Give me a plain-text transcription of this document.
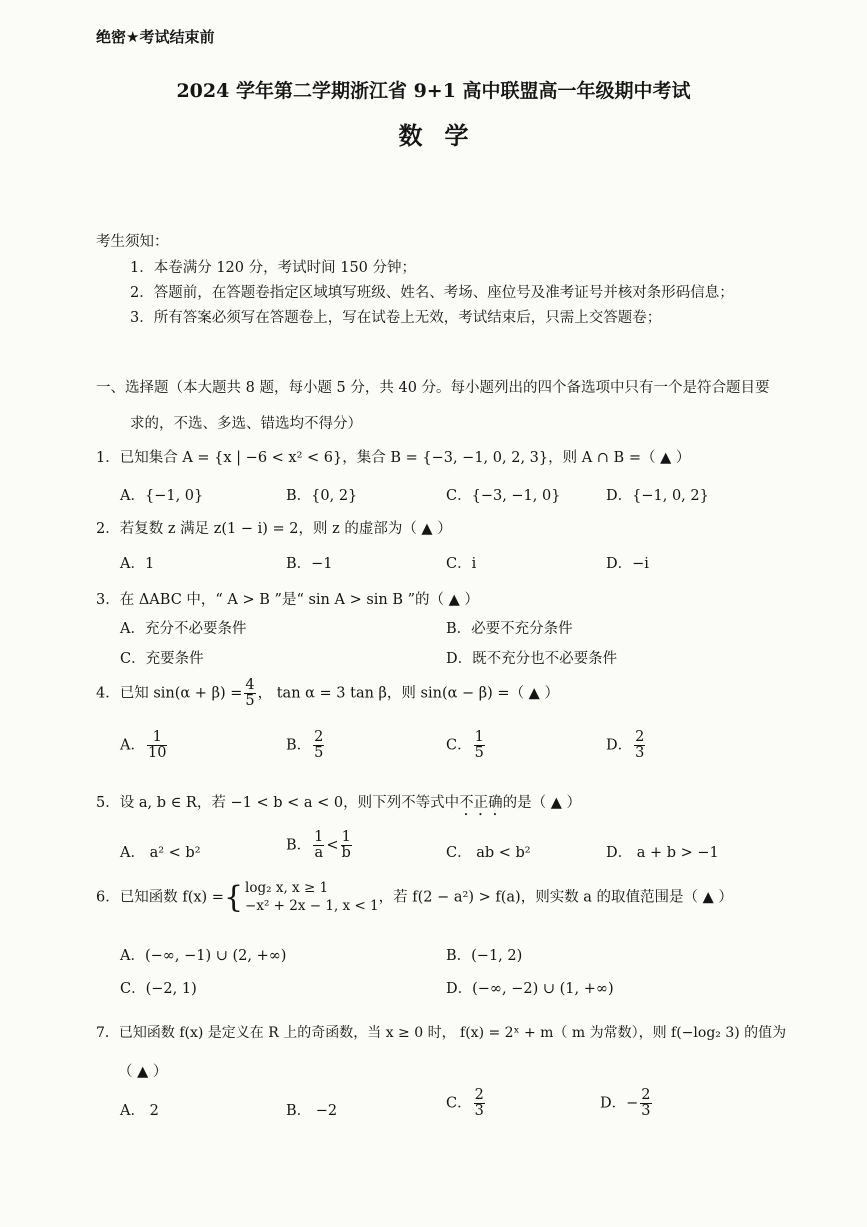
绝密★考试结束前
2024 学年第二学期浙江省 9+1 高中联盟高一年级期中考试
数学
考生须知：
1．本卷满分 120 分，考试时间 150 分钟；
2．答题前，在答题卷指定区域填写班级、姓名、考场、座位号及准考证号并核对条形码信息；
3．所有答案必须写在答题卷上，写在试卷上无效，考试结束后，只需上交答题卷；
一、选择题（本大题共 8 题，每小题 5 分，共 40 分。每小题列出的四个备选项中只有一个是符合题目要
求的，不选、多选、错选均不得分）
1．已知集合 A = {x | −6 < x² < 6}，集合 B = {−3, −1, 0, 2, 3}，则 A ∩ B =（ ▲ ）
A．{−1, 0}	B．{0, 2}	C．{−3, −1, 0}	D．{−1, 0, 2}
2．若复数 z 满足 z(1 − i) = 2，则 z 的虚部为（ ▲ ）
A．1	B．−1	C．i	D．−i
3．在 ΔABC 中，“ A > B ”是“ sin A > sin B ”的（ ▲ ）
A．充分不必要条件	B．必要不充分条件
C．充要条件	D．既不充分也不必要条件
4．已知 $\sin(\alpha + \beta) = \frac{4}{5}$ ， tan α = 3 tan β，则 sin(α − β) =（ ▲ ）
A． $\frac{1}{10}$	B． $\frac{2}{5}$	C． $\frac{1}{5}$	D． $\frac{2}{3}$
5．设 a, b ∈ R，若 −1 < b < a < 0，则下列不等式中不正确的是（ ▲ ）
A． a² < b²	B． $\frac{1}{a} < \frac{1}{b}$	C． ab < b²	D． a + b > −1
6．已知函数 f(x) ={ log₂ x, x ≥ 1
−x² + 2x − 1, x < 1 ，若 f(2 − a²) > f(a)，则实数 a 的取值范围是（ ▲ ）
A．(−∞, −1) ∪ (2, +∞)	B．(−1, 2)
C．(−2, 1)	D．(−∞, −2) ∪ (1, +∞)
7．已知函数 f(x) 是定义在 R 上的奇函数，当 x ≥ 0 时， f(x) = 2ˣ + m（ m 为常数），则 f(−log₂ 3) 的值为
（ ▲ ）
A． 2	B． −2	C． $\frac{2}{3}$	D．− $\frac{2}{3}$
